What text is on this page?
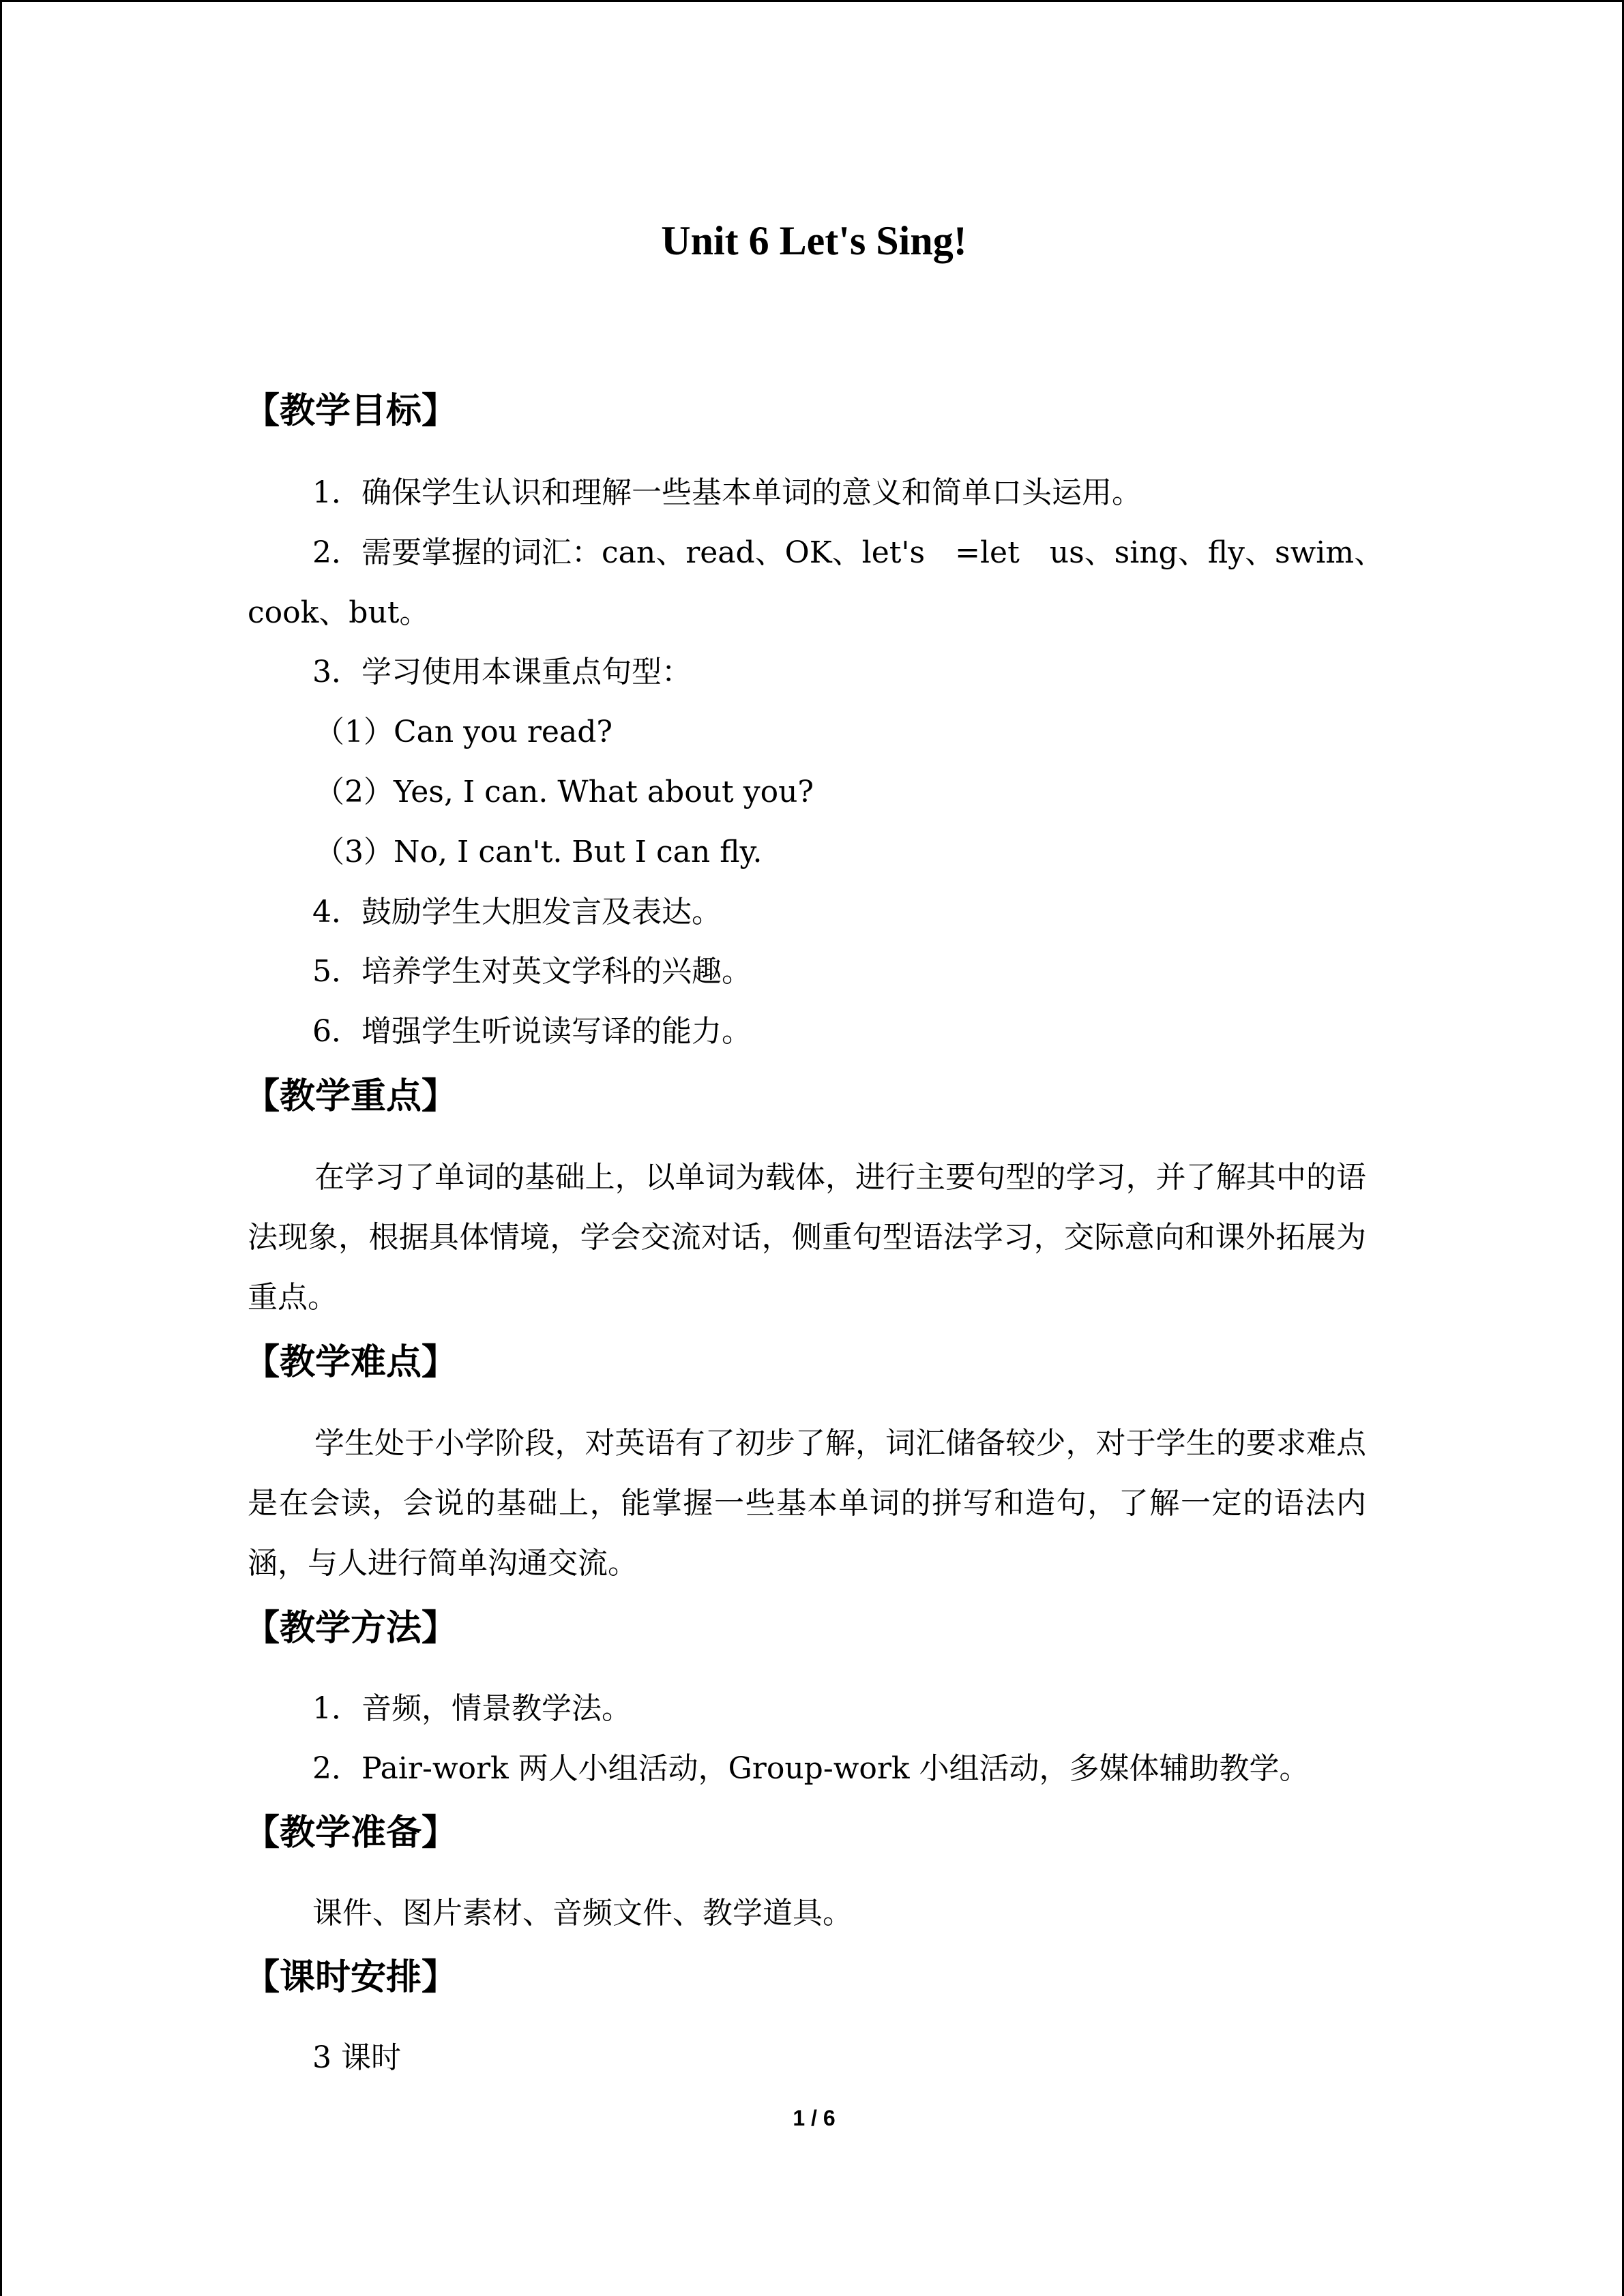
Unit 6 Let's Sing!
【教学目标】
1．确保学生认识和理解一些基本单词的意义和简单口头运用。
2．需要掌握的词汇：can、read、OK、let's　=let　us、sing、fly、swim、
cook、but。
3．学习使用本课重点句型：
（1）Can you read?
（2）Yes, I can. What about you?
（3）No, I can't. But I can fly.
4．鼓励学生大胆发言及表达。
5．培养学生对英文学科的兴趣。
6．增强学生听说读写译的能力。
【教学重点】
在学习了单词的基础上，以单词为载体，进行主要句型的学习，并了解其中的语法现象，根据具体情境，学会交流对话，侧重句型语法学习，交际意向和课外拓展为重点。
【教学难点】
学生处于小学阶段，对英语有了初步了解，词汇储备较少，对于学生的要求难点是在会读，会说的基础上，能掌握一些基本单词的拼写和造句，了解一定的语法内涵，与人进行简单沟通交流。
【教学方法】
1．音频，情景教学法。
2．Pair-work 两人小组活动，Group-work 小组活动，多媒体辅助教学。
【教学准备】
课件、图片素材、音频文件、教学道具。
【课时安排】
3 课时
1 / 6
